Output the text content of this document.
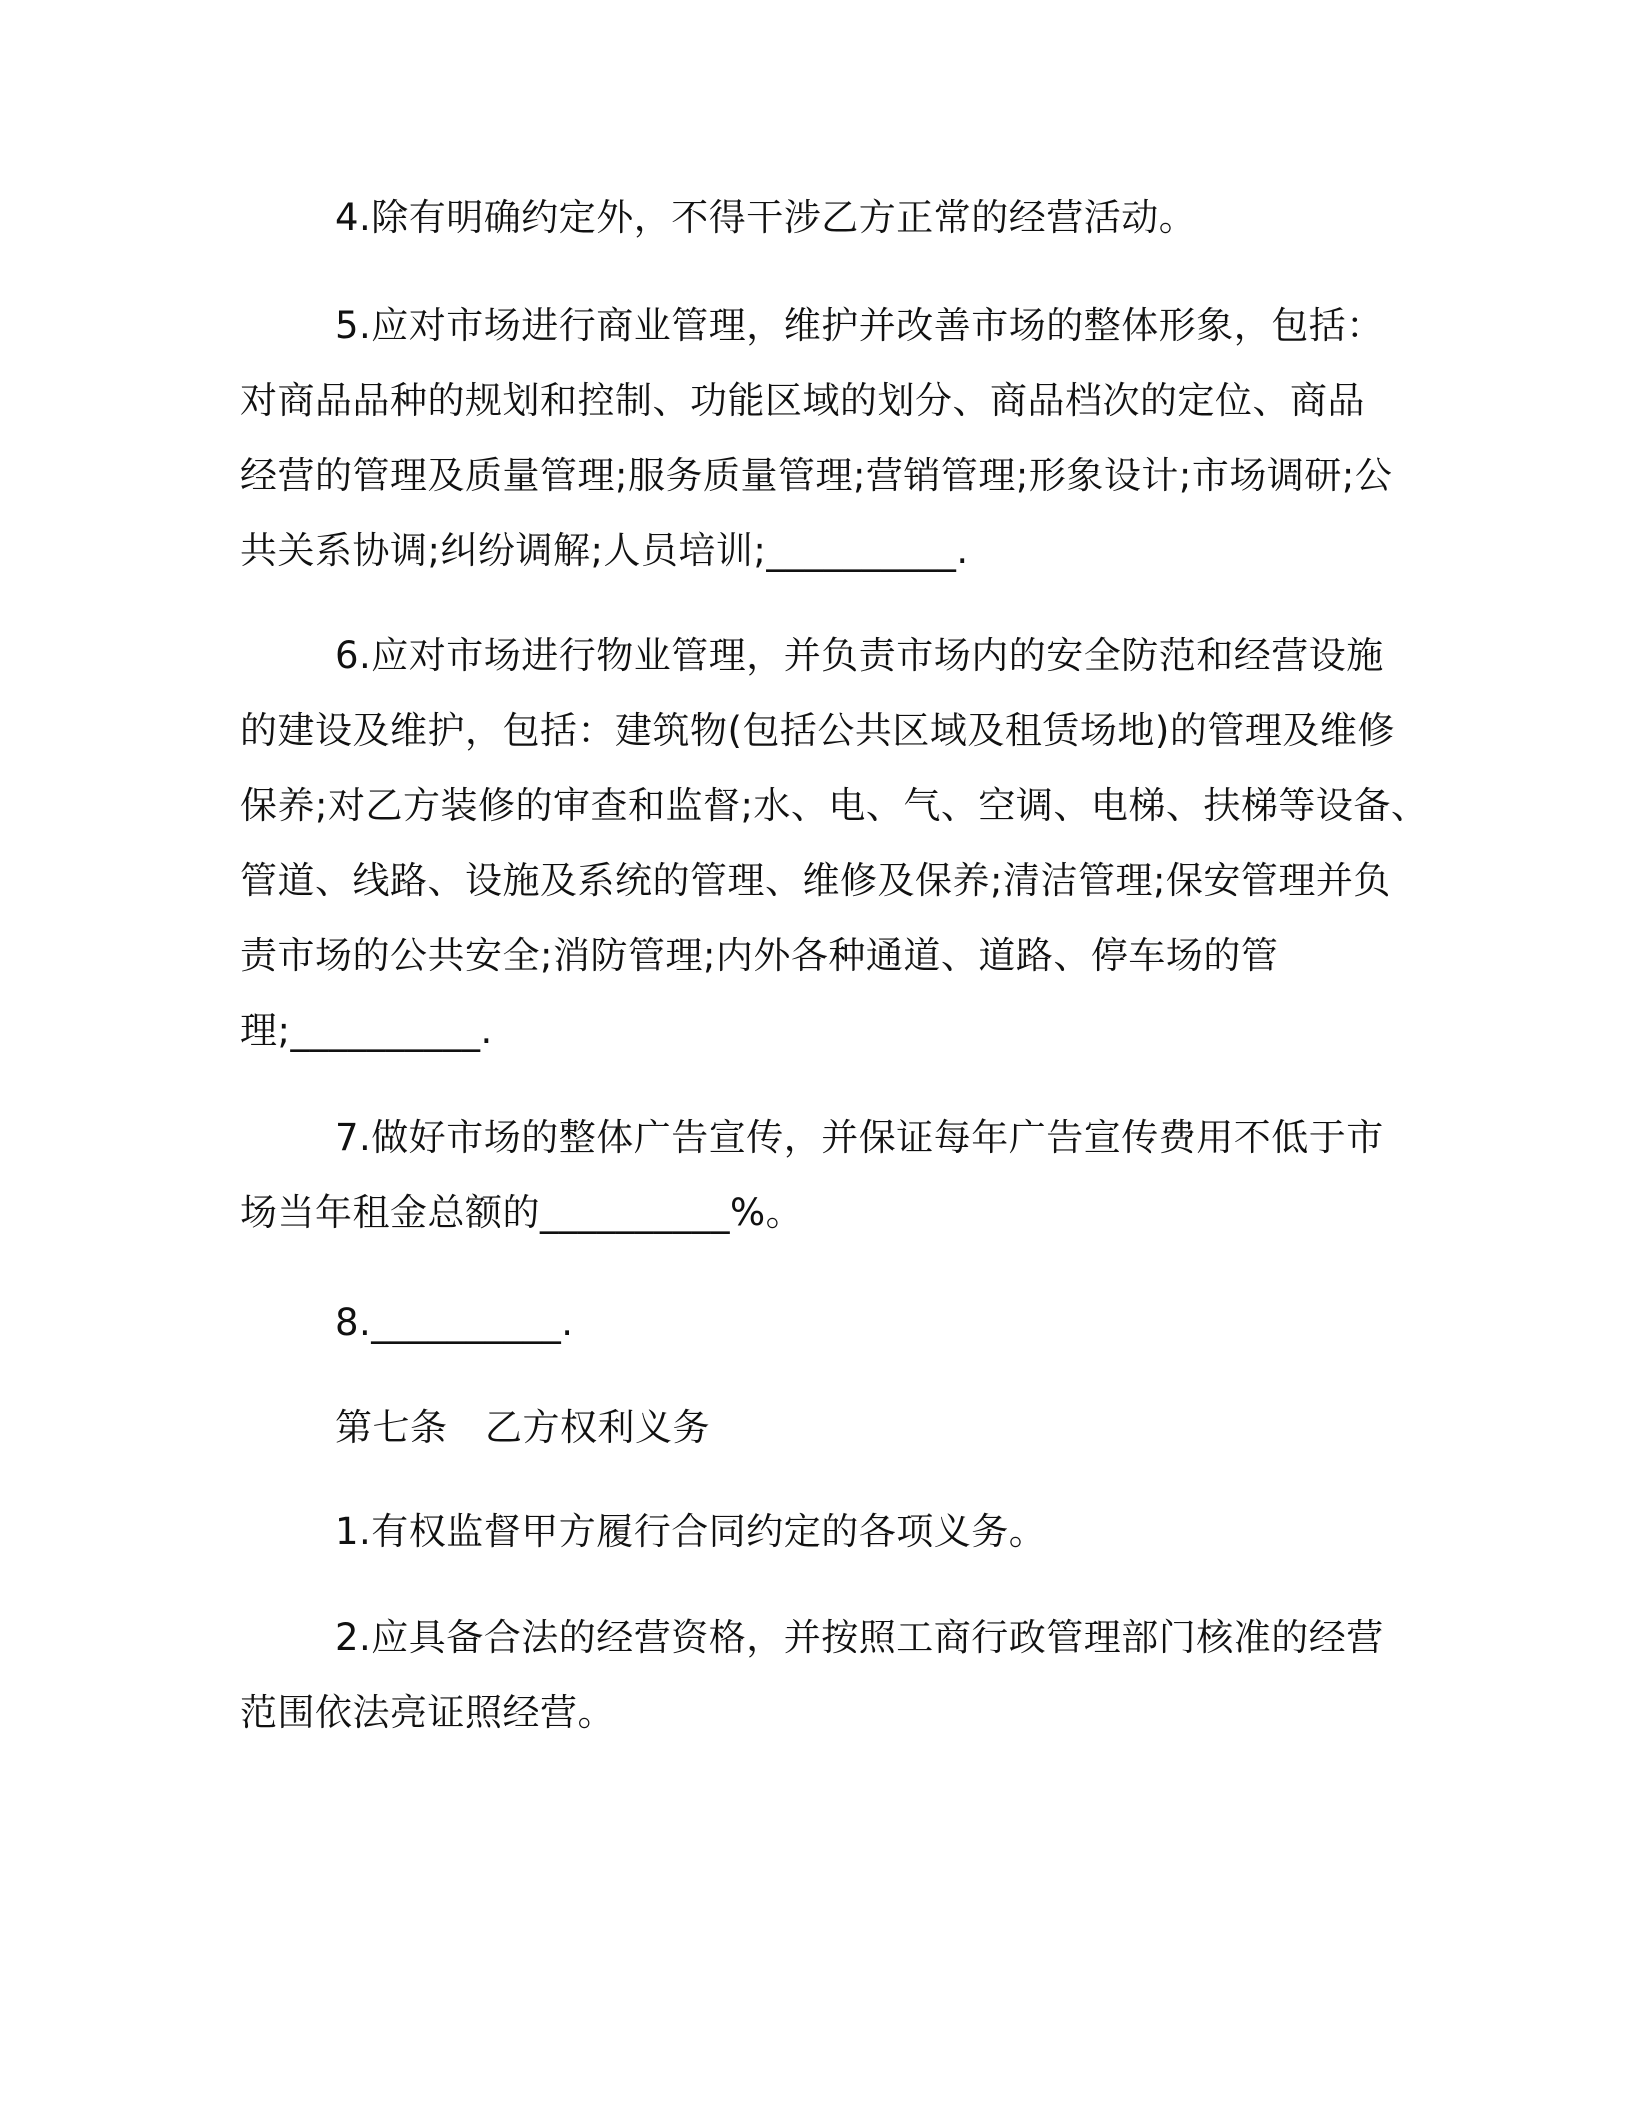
4.除有明确约定外，不得干涉乙方正常的经营活动。
5.应对市场进行商业管理，维护并改善市场的整体形象，包括：
对商品品种的规划和控制、功能区域的划分、商品档次的定位、商品
经营的管理及质量管理;服务质量管理;营销管理;形象设计;市场调研;公
共关系协调;纠纷调解;人员培训;__________.
6.应对市场进行物业管理，并负责市场内的安全防范和经营设施
的建设及维护，包括：建筑物(包括公共区域及租赁场地)的管理及维修
保养;对乙方装修的审查和监督;水、电、气、空调、电梯、扶梯等设备、
管道、线路、设施及系统的管理、维修及保养;清洁管理;保安管理并负
责市场的公共安全;消防管理;内外各种通道、道路、停车场的管
理;__________.
7.做好市场的整体广告宣传，并保证每年广告宣传费用不低于市
场当年租金总额的__________%。
8.__________.
第七条　乙方权利义务
1.有权监督甲方履行合同约定的各项义务。
2.应具备合法的经营资格，并按照工商行政管理部门核准的经营
范围依法亮证照经营。
